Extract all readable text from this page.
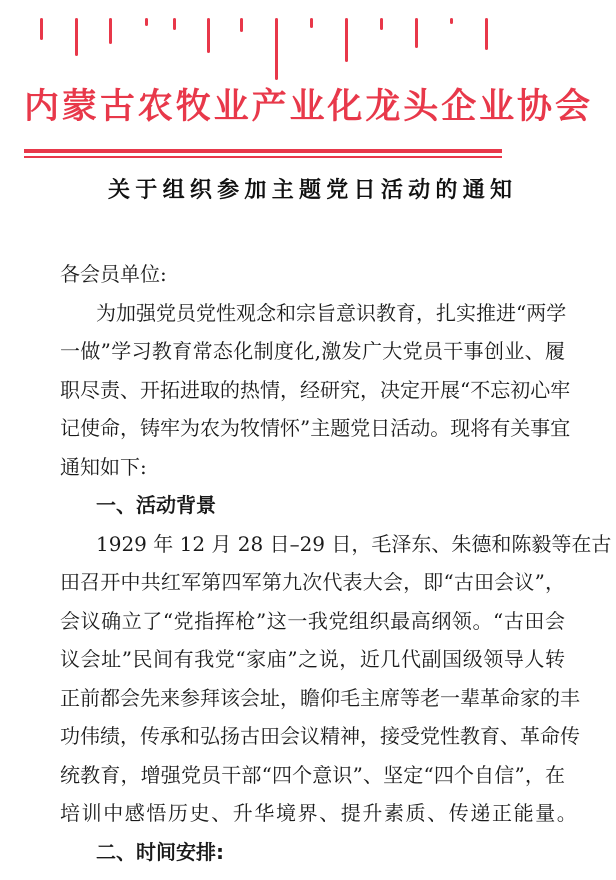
内蒙古农牧业产业化龙头企业协会
关于组织参加主题党日活动的通知
各会员单位:
为加强党员党性观念和宗旨意识教育，扎实推进“两学
一做”学习教育常态化制度化,激发广大党员干事创业、履
职尽责、开拓进取的热情，经研究，决定开展“不忘初心牢
记使命，铸牢为农为牧情怀”主题党日活动。现将有关事宜
通知如下:
一、活动背景
1929 年 12 月 28 日–29 日，毛泽东、朱德和陈毅等在古
田召开中共红军第四军第九次代表大会，即“古田会议”，
会议确立了“党指挥枪”这一我党组织最高纲领。“古田会
议会址”民间有我党“家庙”之说，近几代副国级领导人转
正前都会先来参拜该会址，瞻仰毛主席等老一辈革命家的丰
功伟绩，传承和弘扬古田会议精神，接受党性教育、革命传
统教育，增强党员干部“四个意识”、坚定“四个自信”，在
培训中感悟历史、升华境界、提升素质、传递正能量。
二、时间安排:
